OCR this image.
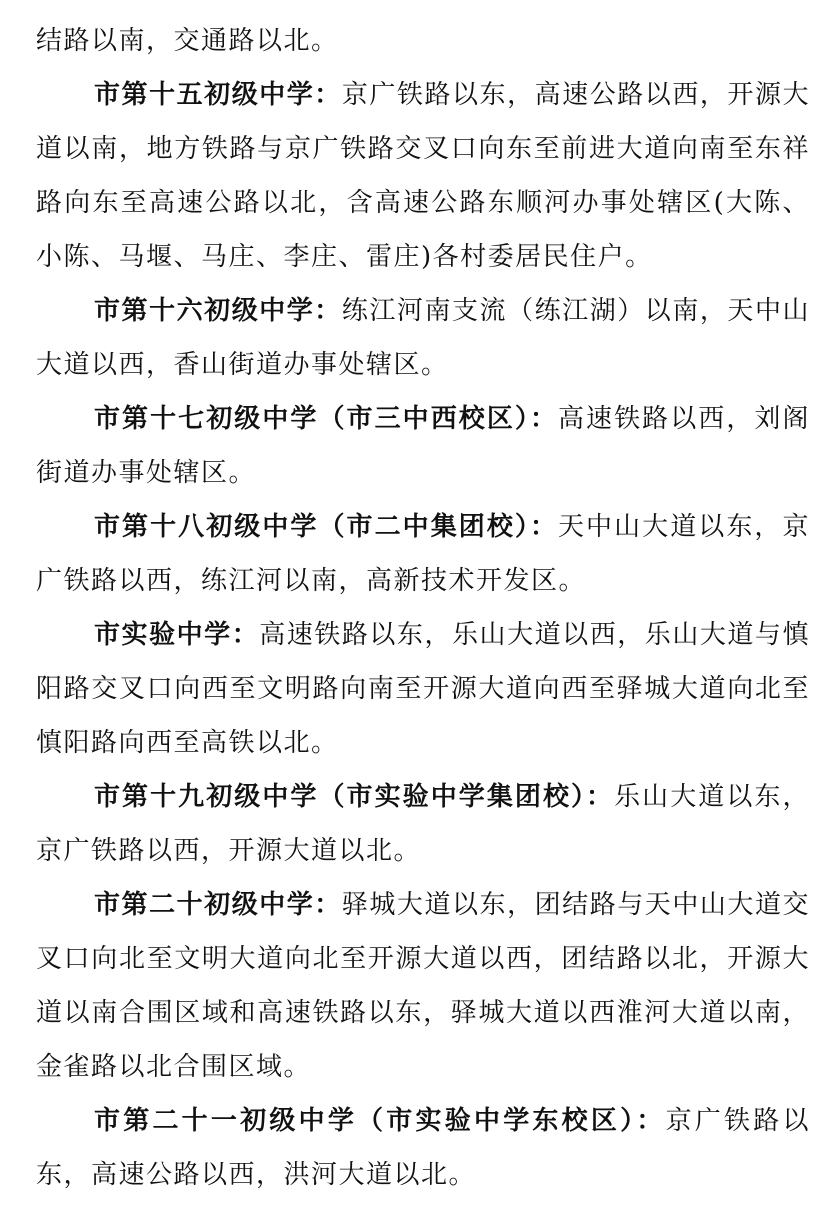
结路以南，交通路以北。

市第十五初级中学：京广铁路以东，高速公路以西，开源大道以南，地方铁路与京广铁路交叉口向东至前进大道向南至东祥路向东至高速公路以北，含高速公路东顺河办事处辖区(大陈、小陈、马堰、马庄、李庄、雷庄)各村委居民住户。

市第十六初级中学：练江河南支流（练江湖）以南，天中山大道以西，香山街道办事处辖区。

市第十七初级中学（市三中西校区）：高速铁路以西，刘阁街道办事处辖区。

市第十八初级中学（市二中集团校）：天中山大道以东，京广铁路以西，练江河以南，高新技术开发区。

市实验中学：高速铁路以东，乐山大道以西，乐山大道与慎阳路交叉口向西至文明路向南至开源大道向西至驿城大道向北至慎阳路向西至高铁以北。

市第十九初级中学（市实验中学集团校）：乐山大道以东，京广铁路以西，开源大道以北。

市第二十初级中学：驿城大道以东，团结路与天中山大道交叉口向北至文明大道向北至开源大道以西，团结路以北，开源大道以南合围区域和高速铁路以东，驿城大道以西淮河大道以南，金雀路以北合围区域。

市第二十一初级中学（市实验中学东校区）：京广铁路以东，高速公路以西，洪河大道以北。
